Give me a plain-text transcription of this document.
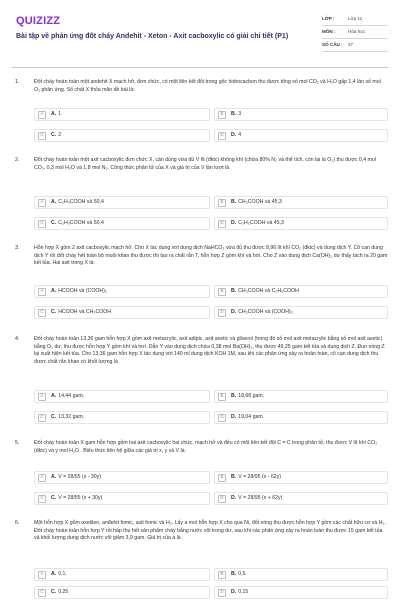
QUIZIZZ
Bài tập về phản ứng đốt cháy Andehit - Xeton - Axit cacboxylic có giải chi tiết (P1)
LỚP :	Lớp 11
MÔN :	Hóa học
SỐ CÂU :	27
1.	Đốt cháy hoàn toàn một andehit X mạch hở, đơn chức, có một liên kết đôi trong gốc hidrocacbon thu được tổng số mol CO₂ và H₂O gấp 1,4 lần số mol O₂ phản ứng. Số chất X thỏa mãn đề bài là:
A	A. 1	B	B. 3
C	C. 2	D	D. 4
2.	Đốt cháy hoàn toàn một axit cacboxylic đơn chức X, cần dùng vừa đủ V lít (đktc) không khí (chứa 80% N₂ và thể tích, còn lại là O₂) thu được 0,4 mol CO₂, 0,3 mol H₂O và 1,8 mol N₂. Công thức phân tử của X và giá trị của V lần lượt là
A	A. C₂H₃COOH và 50,4	B	B. CH₃COOH và 45,3
C	C. C₂H₃COOH và 50,4	D	D. C₃H₅COOH và 45,3
3.	Hỗn hợp X gồm 2 axit cacboxylic mạch hở. Cho X tác dụng với dung dịch NaHCO₃ vừa đủ thu được 8,96 lít khí CO₂ (đktc) và dung dịch Y. Cô cạn dung dịch Y rồi đốt cháy hết toàn bộ muối khan thu được thì tạo ra chất rắn T, hỗn hợp Z gồm khí và hơi. Cho Z vào dung dịch Ca(OH)₂ dư thấy tách ra 20 gam kết tủa. Hai axit trong X là:
A	A. HCOOH và (COOH)₂	B	B. CH₃COOH và C₂H₅COOH
C	C. HCOOH và CH₃COOH	D	D. CH₃COOH và (COOH)₂
4.	Đốt cháy hoàn toàn 13,36 gam hỗn hợp X gồm axit metacrylic, axit adipic, axit axetic và glixerol (trong đó số mol axit metacrylic bằng số mol axit axetic) bằng O₂ dư, thu được hỗn hợp Y gồm khí và hơi. Dẫn Y vào dung dịch chứa 0,38 mol Ba(OH)₂, thu được 49,25 gam kết tủa và dung dịch Z. Đun nóng Z lại xuất hiện kết tủa. Cho 13,36 gam hỗn hợp X tác dụng với 140 ml dung dịch KOH 1M, sau khi các phản ứng xảy ra hoàn toàn, cô cạn dung dịch thu được chất rắn khan có khối lượng là
A	A. 14,44 gam.	B	B. 18,68 gam.
C	C. 13,32 gam.	D	D. 19,04 gam.
5.	Đốt cháy hoàn toàn X gam hỗn hợp gồm hai axit cacboxylic hai chức, mạch hở và đều có một liên kết đôi C = C trong phân tử, thu được V lít khí CO₂ (đktc) và y mol H₂O . Biểu thức liên hệ giữa các giá trị x, y và V là:
A	A. V = 28/55 (x - 30y)	B	B. V = 28/95 (x - 62y)
C	C. V = 28/55 (x + 30y)	D	D. V = 28/95 (x + 62y)
6.	Một hỗn hợp X gồm axetilen, anđehit fomic, axit fomic và H₂. Lấy a mol hỗn hợp X cho qua Ni, đốt nóng thu được hỗn hợp Y gồm các chất hữu cơ và H₂. Đốt cháy hoàn toàn hỗn hợp Y rồi hấp thụ hết sản phẩm cháy bằng nước vôi trong dư, sau khi các phản ứng xảy ra hoàn toàn thu được 15 gam kết tủa và khối lượng dung dịch nước vôi giảm 3,9 gam. Giá trị của a là
A	A. 0,1.	B	B. 0,5.
C	C. 0,25	D	D. 0,15
